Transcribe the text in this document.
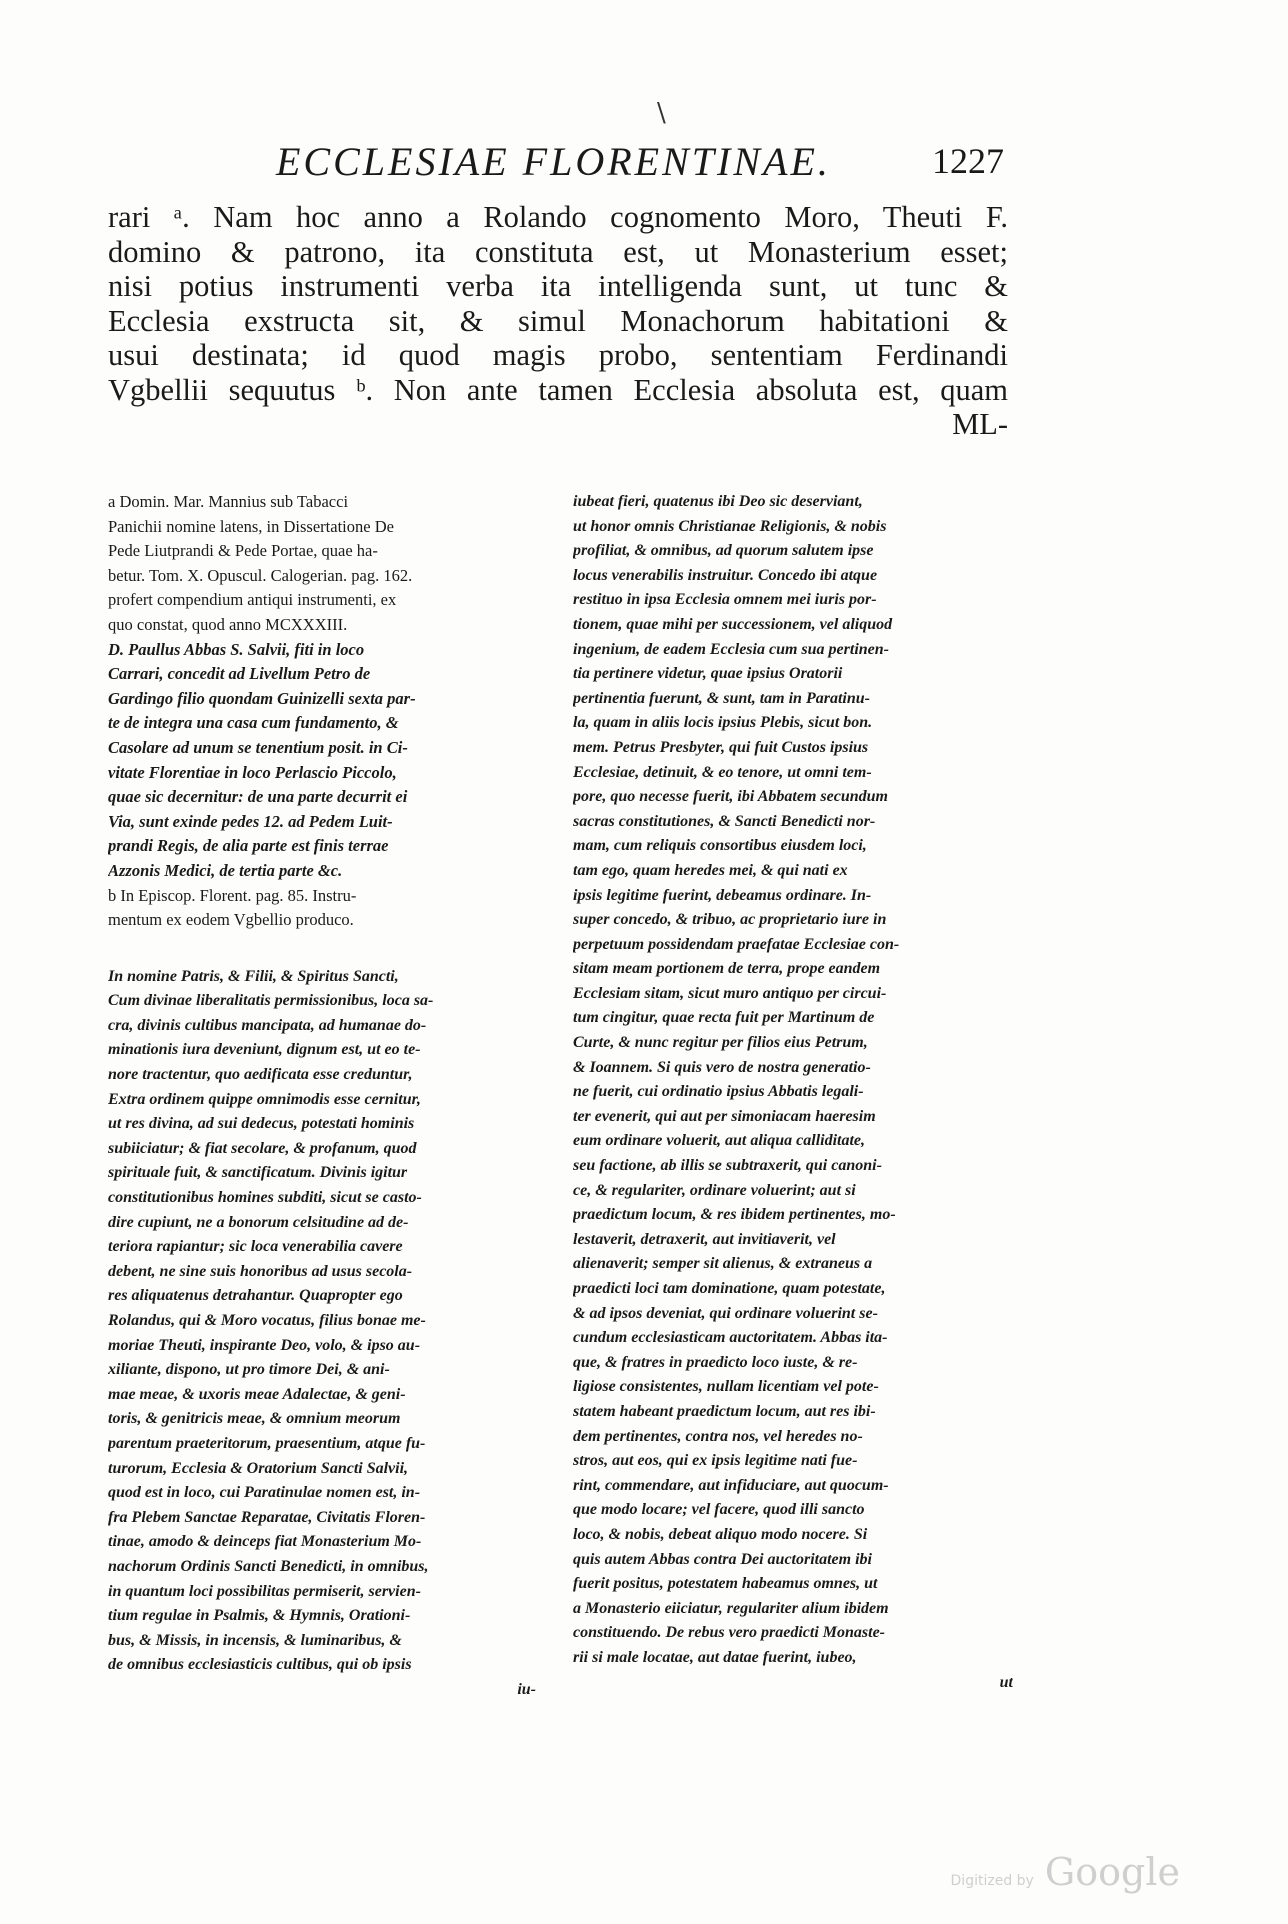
\
ECCLESIAE FLORENTINAE.	1227
rari ᵃ. Nam hoc anno a Rolando cognomento Moro, Theuti F.
domino & patrono, ita constituta est, ut Monasterium esset;
nisi potius instrumenti verba ita intelligenda sunt, ut tunc &
Ecclesia exstructa sit, & simul Monachorum habitationi &
usui destinata; id quod magis probo, sententiam Ferdinandi
Vgbellii sequutus ᵇ. Non ante tamen Ecclesia absoluta est, quam
ML-
a Domin. Mar. Mannius sub Tabacci
Panichii nomine latens, in Dissertatione De
Pede Liutprandi & Pede Portae, quae ha-
betur. Tom. X. Opuscul. Calogerian. pag. 162.
profert compendium antiqui instrumenti, ex
quo constat, quod anno MCXXXIII.
D. Paullus Abbas S. Salvii, fiti in loco
Carrari, concedit ad Livellum Petro de
Gardingo filio quondam Guinizelli sexta par-
te de integra una casa cum fundamento, &
Casolare ad unum se tenentium posit. in Ci-
vitate Florentiae in loco Perlascio Piccolo,
quae sic decernitur: de una parte decurrit ei
Via, sunt exinde pedes 12. ad Pedem Luit-
prandi Regis, de alia parte est finis terrae
Azzonis Medici, de tertia parte &c.
b In Episcop. Florent. pag. 85. Instru-
mentum ex eodem Vgbellio produco.
In nomine Patris, & Filii, & Spiritus Sancti,
Cum divinae liberalitatis permissionibus, loca sa-
cra, divinis cultibus mancipata, ad humanae do-
minationis iura deveniunt, dignum est, ut eo te-
nore tractentur, quo aedificata esse creduntur,
Extra ordinem quippe omnimodis esse cernitur,
ut res divina, ad sui dedecus, potestati hominis
subiiciatur; & fiat secolare, & profanum, quod
spirituale fuit, & sanctificatum. Divinis igitur
constitutionibus homines subditi, sicut se casto-
dire cupiunt, ne a bonorum celsitudine ad de-
teriora rapiantur; sic loca venerabilia cavere
debent, ne sine suis honoribus ad usus secola-
res aliquatenus detrahantur. Quapropter ego
Rolandus, qui & Moro vocatus, filius bonae me-
moriae Theuti, inspirante Deo, volo, & ipso au-
xiliante, dispono, ut pro timore Dei, & ani-
mae meae, & uxoris meae Adalectae, & geni-
toris, & genitricis meae, & omnium meorum
parentum praeteritorum, praesentium, atque fu-
turorum, Ecclesia & Oratorium Sancti Salvii,
quod est in loco, cui Paratinulae nomen est, in-
fra Plebem Sanctae Reparatae, Civitatis Floren-
tinae, amodo & deinceps fiat Monasterium Mo-
nachorum Ordinis Sancti Benedicti, in omnibus,
in quantum loci possibilitas permiserit, servien-
tium regulae in Psalmis, & Hymnis, Orationi-
bus, & Missis, in incensis, & luminaribus, &
de omnibus ecclesiasticis cultibus, qui ob ipsis
iu-
iubeat fieri, quatenus ibi Deo sic deserviant,
ut honor omnis Christianae Religionis, & nobis
profiliat, & omnibus, ad quorum salutem ipse
locus venerabilis instruitur. Concedo ibi atque
restituo in ipsa Ecclesia omnem mei iuris por-
tionem, quae mihi per successionem, vel aliquod
ingenium, de eadem Ecclesia cum sua pertinen-
tia pertinere videtur, quae ipsius Oratorii
pertinentia fuerunt, & sunt, tam in Paratinu-
la, quam in aliis locis ipsius Plebis, sicut bon.
mem. Petrus Presbyter, qui fuit Custos ipsius
Ecclesiae, detinuit, & eo tenore, ut omni tem-
pore, quo necesse fuerit, ibi Abbatem secundum
sacras constitutiones, & Sancti Benedicti nor-
mam, cum reliquis consortibus eiusdem loci,
tam ego, quam heredes mei, & qui nati ex
ipsis legitime fuerint, debeamus ordinare. In-
super concedo, & tribuo, ac proprietario iure in
perpetuum possidendam praefatae Ecclesiae con-
sitam meam portionem de terra, prope eandem
Ecclesiam sitam, sicut muro antiquo per circui-
tum cingitur, quae recta fuit per Martinum de
Curte, & nunc regitur per filios eius Petrum,
& Ioannem. Si quis vero de nostra generatio-
ne fuerit, cui ordinatio ipsius Abbatis legali-
ter evenerit, qui aut per simoniacam haeresim
eum ordinare voluerit, aut aliqua calliditate,
seu factione, ab illis se subtraxerit, qui canoni-
ce, & regulariter, ordinare voluerint; aut si
praedictum locum, & res ibidem pertinentes, mo-
lestaverit, detraxerit, aut invitiaverit, vel
alienaverit; semper sit alienus, & extraneus a
praedicti loci tam dominatione, quam potestate,
& ad ipsos deveniat, qui ordinare voluerint se-
cundum ecclesiasticam auctoritatem. Abbas ita-
que, & fratres in praedicto loco iuste, & re-
ligiose consistentes, nullam licentiam vel pote-
statem habeant praedictum locum, aut res ibi-
dem pertinentes, contra nos, vel heredes no-
stros, aut eos, qui ex ipsis legitime nati fue-
rint, commendare, aut infiduciare, aut quocum-
que modo locare; vel facere, quod illi sancto
loco, & nobis, debeat aliquo modo nocere. Si
quis autem Abbas contra Dei auctoritatem ibi
fuerit positus, potestatem habeamus omnes, ut
a Monasterio eiiciatur, regulariter alium ibidem
constituendo. De rebus vero praedicti Monaste-
rii si male locatae, aut datae fuerint, iubeo,
ut
Digitized by Google
